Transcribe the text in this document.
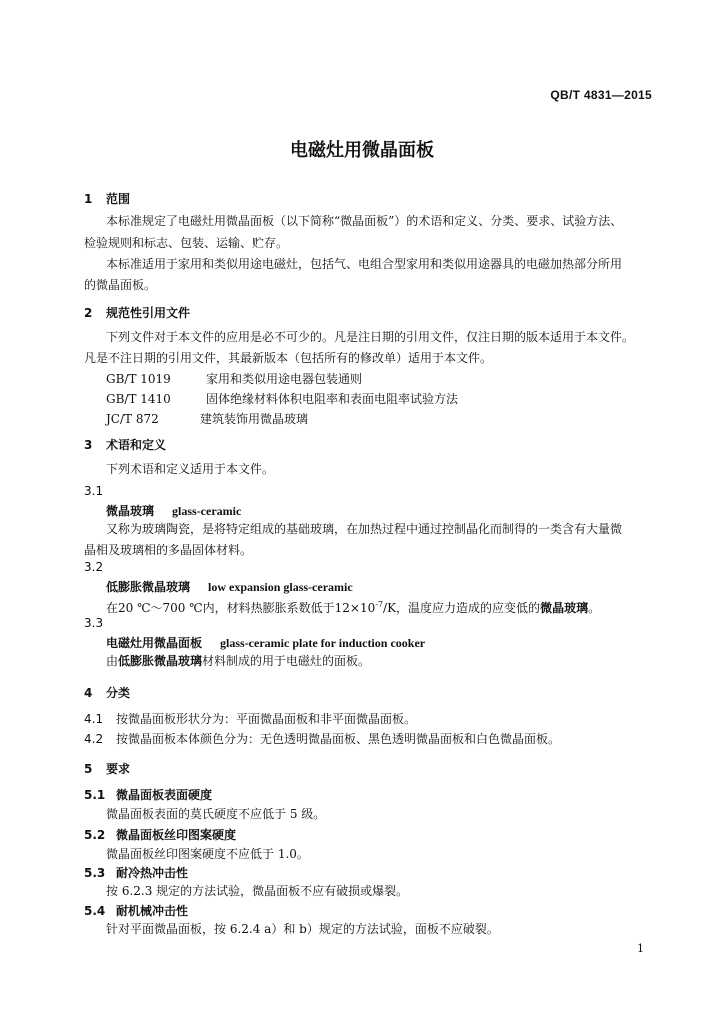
QB/T 4831—2015
电磁灶用微晶面板
1 范围
本标准规定了电磁灶用微晶面板（以下简称“微晶面板”）的术语和定义、分类、要求、试验方法、
检验规则和标志、包装、运输、贮存。
本标准适用于家用和类似用途电磁灶，包括气、电组合型家用和类似用途器具的电磁加热部分所用
的微晶面板。
2 规范性引用文件
下列文件对于本文件的应用是必不可少的。凡是注日期的引用文件，仅注日期的版本适用于本文件。
凡是不注日期的引用文件，其最新版本（包括所有的修改单）适用于本文件。
GB/T 1019	家用和类似用途电器包装通则
GB/T 1410	固体绝缘材料体积电阻率和表面电阻率试验方法
JC/T 872	建筑装饰用微晶玻璃
3 术语和定义
下列术语和定义适用于本文件。
3.1
微晶玻璃 glass-ceramic
又称为玻璃陶瓷，是将特定组成的基础玻璃，在加热过程中通过控制晶化而制得的一类含有大量微
晶相及玻璃相的多晶固体材料。
3.2
低膨胀微晶玻璃 low expansion glass-ceramic
在20 ℃～700 ℃内，材料热膨胀系数低于$12\times 10^{-7}/K$，温度应力造成的应变低的微晶玻璃。
3.3
电磁灶用微晶面板 glass-ceramic plate for induction cooker
由低膨胀微晶玻璃材料制成的用于电磁灶的面板。
4 分类
4.1 按微晶面板形状分为：平面微晶面板和非平面微晶面板。
4.2 按微晶面板本体颜色分为：无色透明微晶面板、黑色透明微晶面板和白色微晶面板。
5 要求
5.1 微晶面板表面硬度
微晶面板表面的莫氏硬度不应低于 5 级。
5.2 微晶面板丝印图案硬度
微晶面板丝印图案硬度不应低于 1.0。
5.3 耐冷热冲击性
按 6.2.3 规定的方法试验，微晶面板不应有破损或爆裂。
5.4 耐机械冲击性
针对平面微晶面板，按 6.2.4 a）和 b）规定的方法试验，面板不应破裂。
1
